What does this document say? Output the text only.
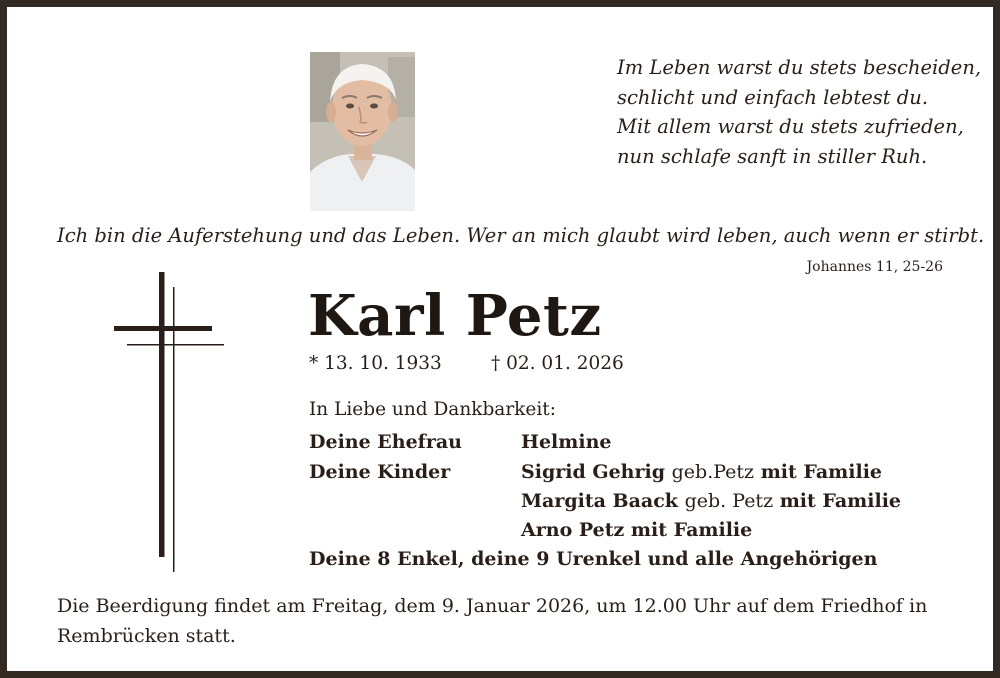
Im Leben warst du stets bescheiden,
schlicht und einfach lebtest du.
Mit allem warst du stets zufrieden,
nun schlafe sanft in stiller Ruh.
Ich bin die Auferstehung und das Leben. Wer an mich glaubt wird leben, auch wenn er stirbt.
Johannes 11, 25-26
Karl Petz
* 13. 10. 1933	† 02. 01. 2026
In Liebe und Dankbarkeit:
Deine Ehefrau	Helmine
Deine Kinder	Sigrid Gehrig geb.Petz mit Familie
Margita Baack geb. Petz mit Familie
Arno Petz mit Familie
Deine 8 Enkel, deine 9 Urenkel und alle Angehörigen
Die Beerdigung findet am Freitag, dem 9. Januar 2026, um 12.00 Uhr auf dem Friedhof in Rembrücken statt.
